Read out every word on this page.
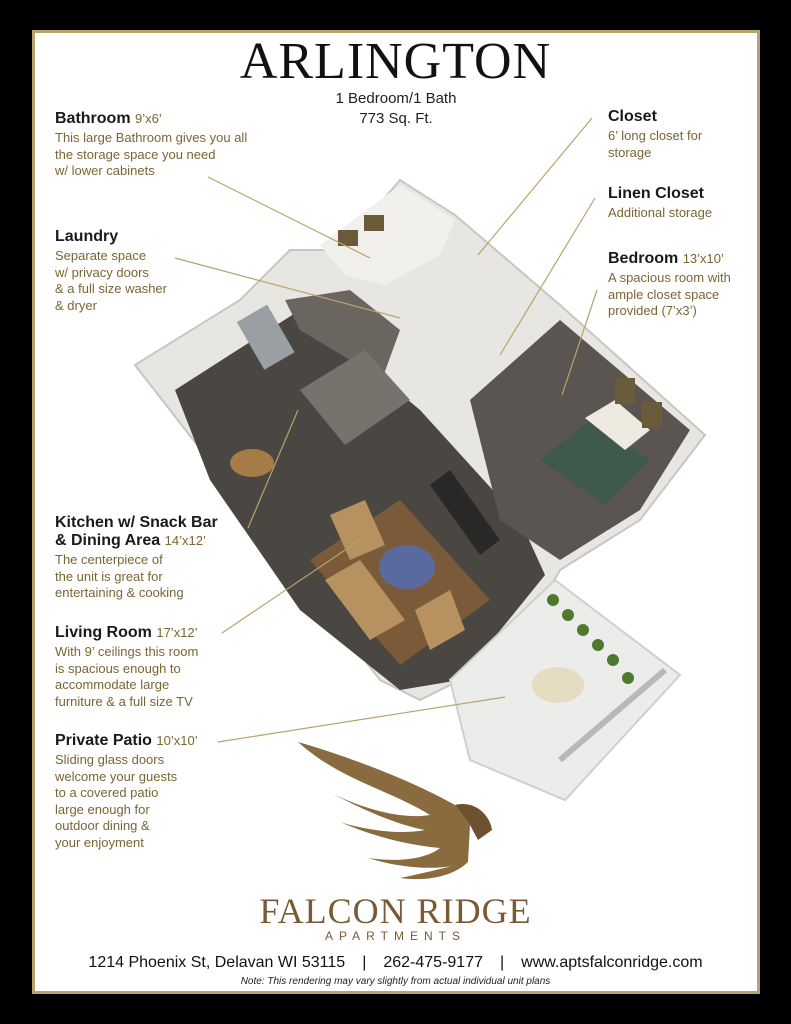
ARLINGTON
1 Bedroom/1 Bath
773 Sq. Ft.
Bathroom 9’x6’
This large Bathroom gives you all
the storage space you need
w/ lower cabinets
Laundry
Separate space
w/ privacy doors
& a full size washer
& dryer
Kitchen w/ Snack Bar
& Dining Area 14’x12’
The centerpiece of
the unit is great for
entertaining & cooking
Living Room 17’x12’
With 9’ ceilings this room
is spacious enough to
accommodate large
furniture & a full size TV
Private Patio 10’x10’
Sliding glass doors
welcome your guests
to a covered patio
large enough for
outdoor dining &
your enjoyment
Closet
6’ long closet for
storage
Linen Closet
Additional storage
Bedroom 13’x10’
A spacious room with
ample closet space
provided (7’x3’)
FALCON RIDGE
APARTMENTS
1214 Phoenix St, Delavan WI 53115 | 262-475-9177 | www.aptsfalconridge.com
Note: This rendering may vary slightly from actual individual unit plans
